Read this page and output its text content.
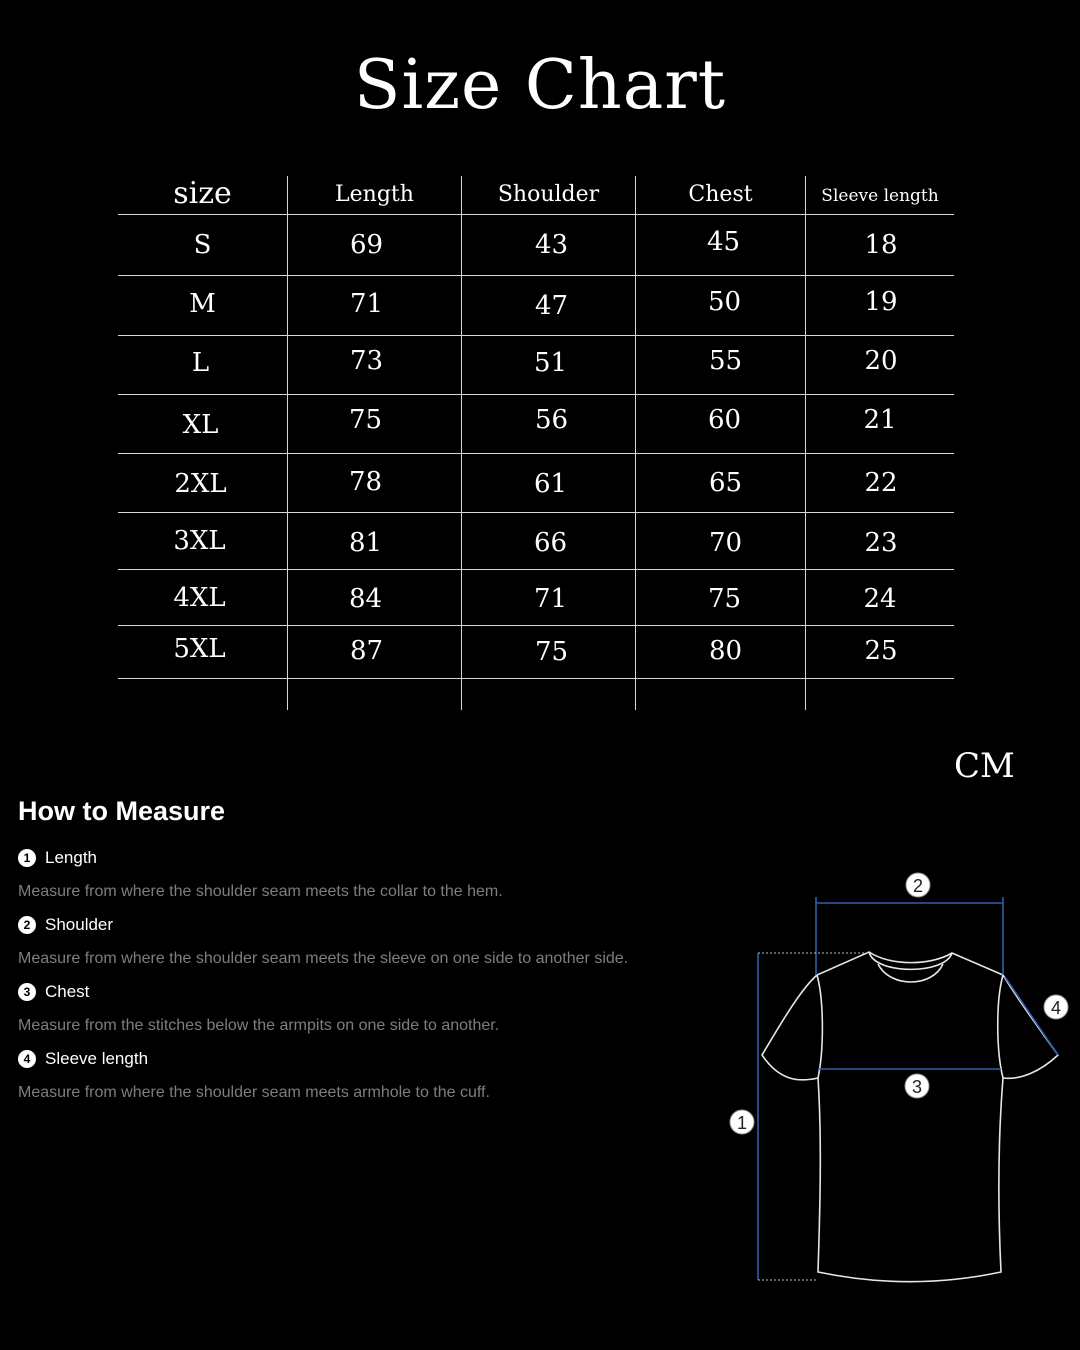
Size Chart
size	Length	Shoulder	Chest	Sleeve length
S	69	43	45	18
M	71	47	50	19
L	73	51	55	20
XL	75	56	60	21
2XL	78	61	65	22
3XL	81	66	70	23
4XL	84	71	75	24
5XL	87	75	80	25
CM
How to Measure
1 Length
Measure from where the shoulder seam meets the collar to the hem.
2 Shoulder
Measure from where the shoulder seam meets the sleeve on one side to another side.
3 Chest
Measure from the stitches below the armpits on one side to another.
4 Sleeve length
Measure from where the shoulder seam meets armhole to the cuff.
1
2
3
4
